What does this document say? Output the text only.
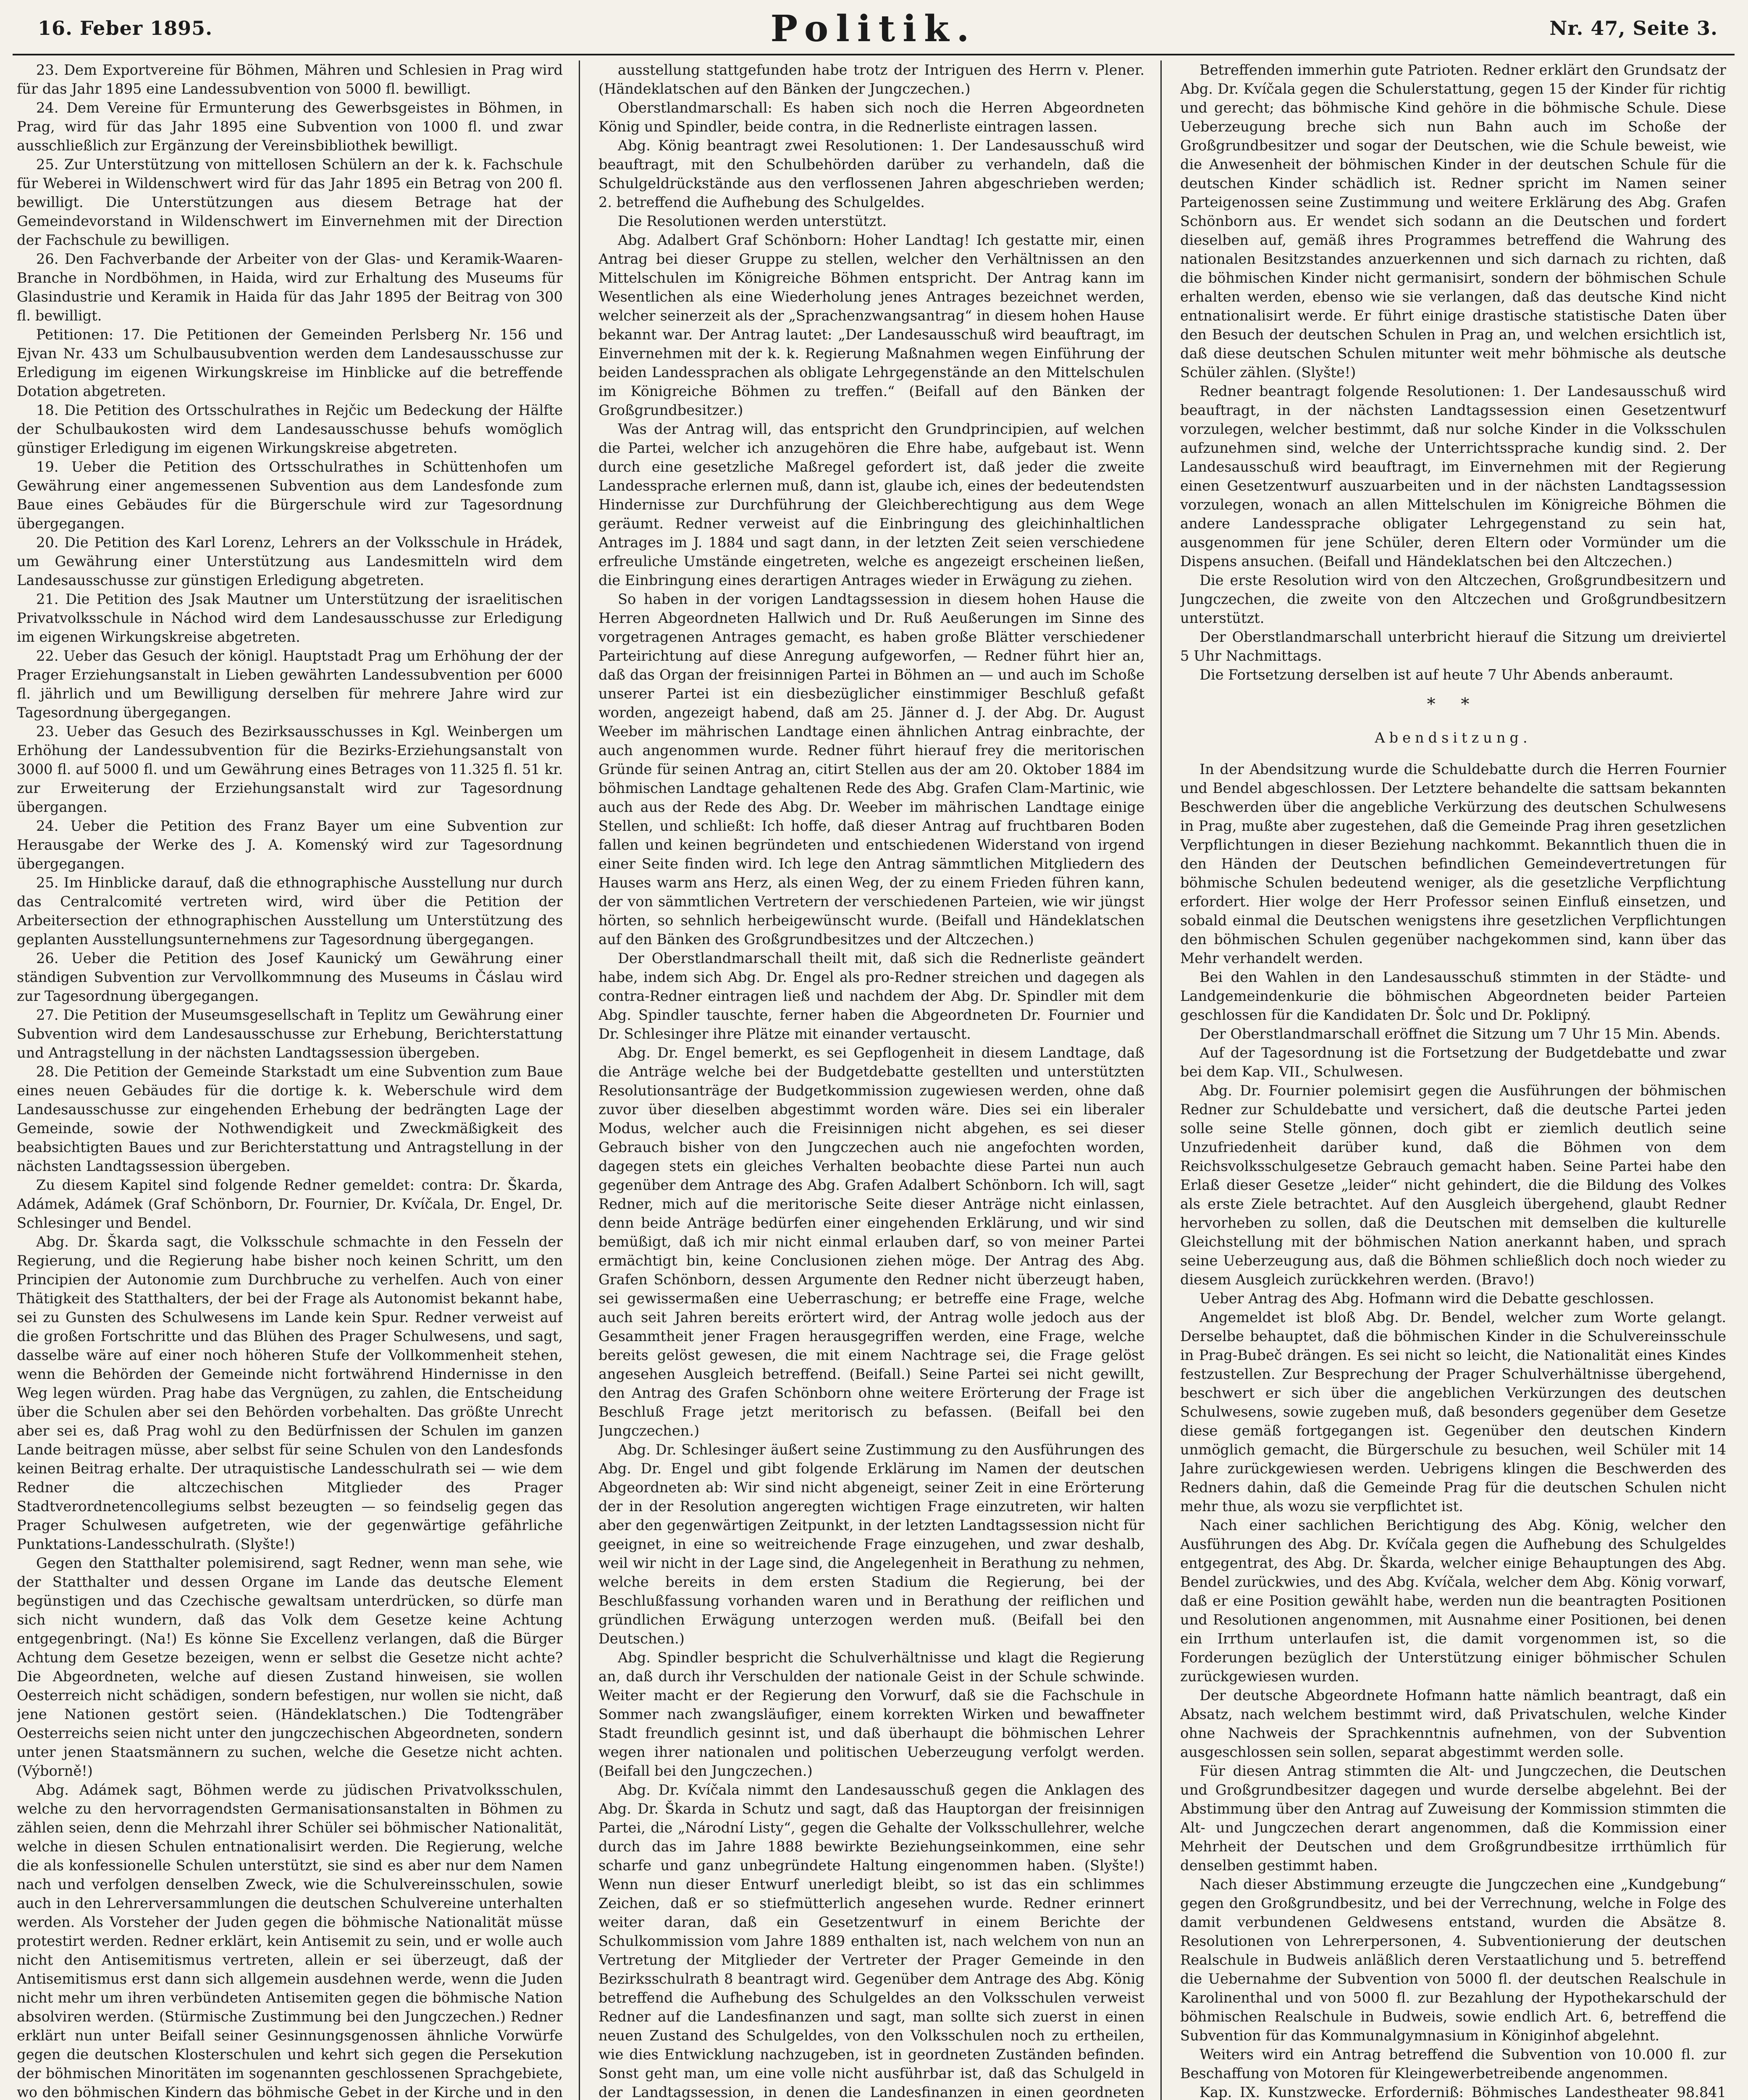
16. Feber 1895.	Politik.	Nr. 47, Seite 3.

23. Dem Exportvereine für Böhmen, Mähren und Schlesien in Prag wird für das Jahr 1895 eine Landessubvention von 5000 fl. bewilligt.

24. Dem Vereine für Ermunterung des Gewerbsgeistes in Böhmen, in Prag, wird für das Jahr 1895 eine Subvention von 1000 fl. und zwar ausschließlich zur Ergänzung der Vereinsbibliothek bewilligt.

25. Zur Unterstützung von mittellosen Schülern an der k. k. Fachschule für Weberei in Wildenschwert wird für das Jahr 1895 ein Betrag von 200 fl. bewilligt. Die Unterstützungen aus diesem Betrage hat der Gemeindevorstand in Wildenschwert im Einvernehmen mit der Direction der Fachschule zu bewilligen.

26. Den Fachverbande der Arbeiter von der Glas- und Keramik-Waaren-Branche in Nordböhmen, in Haida, wird zur Erhaltung des Museums für Glasindustrie und Keramik in Haida für das Jahr 1895 der Beitrag von 300 fl. bewilligt.

Petitionen: 17. Die Petitionen der Gemeinden Perlsberg Nr. 156 und Ejvan Nr. 433 um Schulbausubvention werden dem Landesausschusse zur Erledigung im eigenen Wirkungskreise im Hinblicke auf die betreffende Dotation abgetreten.

18. Die Petition des Ortsschulrathes in Rejčic um Bedeckung der Hälfte der Schulbaukosten wird dem Landesausschusse behufs womöglich günstiger Erledigung im eigenen Wirkungskreise abgetreten.

19. Ueber die Petition des Ortsschulrathes in Schüttenhofen um Gewährung einer angemessenen Subvention aus dem Landesfonde zum Baue eines Gebäudes für die Bürgerschule wird zur Tagesordnung übergegangen.

20. Die Petition des Karl Lorenz, Lehrers an der Volksschule in Hrádek, um Gewährung einer Unterstützung aus Landesmitteln wird dem Landesausschusse zur günstigen Erledigung abgetreten.

21. Die Petition des Jsak Mautner um Unterstützung der israelitischen Privatvolksschule in Náchod wird dem Landesausschusse zur Erledigung im eigenen Wirkungskreise abgetreten.

22. Ueber das Gesuch der königl. Hauptstadt Prag um Erhöhung der der Prager Erziehungsanstalt in Lieben gewährten Landessubvention per 6000 fl. jährlich und um Bewilligung derselben für mehrere Jahre wird zur Tagesordnung übergegangen.

23. Ueber das Gesuch des Bezirksausschusses in Kgl. Weinbergen um Erhöhung der Landessubvention für die Bezirks-Erziehungsanstalt von 3000 fl. auf 5000 fl. und um Gewährung eines Betrages von 11.325 fl. 51 kr. zur Erweiterung der Erziehungsanstalt wird zur Tagesordnung übergangen.

24. Ueber die Petition des Franz Bayer um eine Subvention zur Herausgabe der Werke des J. A. Komenský wird zur Tagesordnung übergegangen.

25. Im Hinblicke darauf, daß die ethnographische Ausstellung nur durch das Centralcomité vertreten wird, wird über die Petition der Arbeitersection der ethnographischen Ausstellung um Unterstützung des geplanten Ausstellungsunternehmens zur Tagesordnung übergegangen.

26. Ueber die Petition des Josef Kaunický um Gewährung einer ständigen Subvention zur Vervollkommnung des Museums in Čáslau wird zur Tagesordnung übergegangen.

27. Die Petition der Museumsgesellschaft in Teplitz um Gewährung einer Subvention wird dem Landesausschusse zur Erhebung, Berichterstattung und Antragstellung in der nächsten Landtagssession übergeben.

28. Die Petition der Gemeinde Starkstadt um eine Subvention zum Baue eines neuen Gebäudes für die dortige k. k. Weberschule wird dem Landesausschusse zur eingehenden Erhebung der bedrängten Lage der Gemeinde, sowie der Nothwendigkeit und Zweckmäßigkeit des beabsichtigten Baues und zur Berichterstattung und Antragstellung in der nächsten Landtagssession übergeben.

Zu diesem Kapitel sind folgende Redner gemeldet: contra: Dr. Škarda, Adámek, Adámek (Graf Schönborn, Dr. Fournier, Dr. Kvíčala, Dr. Engel, Dr. Schlesinger und Bendel.

Abg. Dr. Škarda sagt, die Volksschule schmachte in den Fesseln der Regierung, und die Regierung habe bisher noch keinen Schritt, um den Principien der Autonomie zum Durchbruche zu verhelfen. Auch von einer Thätigkeit des Statthalters, der bei der Frage als Autonomist bekannt habe, sei zu Gunsten des Schulwesens im Lande kein Spur. Redner verweist auf die großen Fortschritte und das Blühen des Prager Schulwesens, und sagt, dasselbe wäre auf einer noch höheren Stufe der Vollkommenheit stehen, wenn die Behörden der Gemeinde nicht fortwährend Hindernisse in den Weg legen würden. Prag habe das Vergnügen, zu zahlen, die Entscheidung über die Schulen aber sei den Behörden vorbehalten. Das größte Unrecht aber sei es, daß Prag wohl zu den Bedürfnissen der Schulen im ganzen Lande beitragen müsse, aber selbst für seine Schulen von den Landesfonds keinen Beitrag erhalte. Der utraquistische Landesschulrath sei — wie dem Redner die altczechischen Mitglieder des Prager Stadtverordnetencollegiums selbst bezeugten — so feindselig gegen das Prager Schulwesen aufgetreten, wie der gegenwärtige gefährliche Punktations-Landesschulrath. (Slyšte!)

Gegen den Statthalter polemisirend, sagt Redner, wenn man sehe, wie der Statthalter und dessen Organe im Lande das deutsche Element begünstigen und das Czechische gewaltsam unterdrücken, so dürfe man sich nicht wundern, daß das Volk dem Gesetze keine Achtung entgegenbringt. (Na!) Es könne Sie Excellenz verlangen, daß die Bürger Achtung dem Gesetze bezeigen, wenn er selbst die Gesetze nicht achte? Die Abgeordneten, welche auf diesen Zustand hinweisen, sie wollen Oesterreich nicht schädigen, sondern befestigen, nur wollen sie nicht, daß jene Nationen gestört seien. (Händeklatschen.) Die Todtengräber Oesterreichs seien nicht unter den jungczechischen Abgeordneten, sondern unter jenen Staatsmännern zu suchen, welche die Gesetze nicht achten. (Výborně!)

Abg. Adámek sagt, Böhmen werde zu jüdischen Privatvolksschulen, welche zu den hervorragendsten Germanisationsanstalten in Böhmen zu zählen seien, denn die Mehrzahl ihrer Schüler sei böhmischer Nationalität, welche in diesen Schulen entnationalisirt werden. Die Regierung, welche die als konfessionelle Schulen unterstützt, sie sind es aber nur dem Namen nach und verfolgen denselben Zweck, wie die Schulvereinsschulen, sowie auch in den Lehrerversammlungen die deutschen Schulvereine unterhalten werden. Als Vorsteher der Juden gegen die böhmische Nationalität müsse protestirt werden. Redner erklärt, kein Antisemit zu sein, und er wolle auch nicht den Antisemitismus vertreten, allein er sei überzeugt, daß der Antisemitismus erst dann sich allgemein ausdehnen werde, wenn die Juden nicht mehr um ihren verbündeten Antisemiten gegen die böhmische Nation absolviren werden. (Stürmische Zustimmung bei den Jungczechen.) Redner erklärt nun unter Beifall seiner Gesinnungsgenossen ähnliche Vorwürfe gegen die deutschen Klosterschulen und kehrt sich gegen die Persekution der böhmischen Minoritäten im sogenannten geschlossenen Sprachgebiete, wo den böhmischen Kindern das böhmische Gebet in der Kirche und in den

ausstellung stattgefunden habe trotz der Intriguen des Herrn v. Plener. (Händeklatschen auf den Bänken der Jungczechen.)

Oberstlandmarschall: Es haben sich noch die Herren Abgeordneten König und Spindler, beide contra, in die Rednerliste eintragen lassen.

Abg. König beantragt zwei Resolutionen: 1. Der Landesausschuß wird beauftragt, mit den Schulbehörden darüber zu verhandeln, daß die Schulgeldrückstände aus den verflossenen Jahren abgeschrieben werden; 2. betreffend die Aufhebung des Schulgeldes.

Die Resolutionen werden unterstützt.

Abg. Adalbert Graf Schönborn: Hoher Landtag! Ich gestatte mir, einen Antrag bei dieser Gruppe zu stellen, welcher den Verhältnissen an den Mittelschulen im Königreiche Böhmen entspricht. Der Antrag kann im Wesentlichen als eine Wiederholung jenes Antrages bezeichnet werden, welcher seinerzeit als der „Sprachenzwangsantrag“ in diesem hohen Hause bekannt war. Der Antrag lautet: „Der Landesausschuß wird beauftragt, im Einvernehmen mit der k. k. Regierung Maßnahmen wegen Einführung der beiden Landessprachen als obligate Lehrgegenstände an den Mittelschulen im Königreiche Böhmen zu treffen.“ (Beifall auf den Bänken der Großgrundbesitzer.)

Was der Antrag will, das entspricht den Grundprincipien, auf welchen die Partei, welcher ich anzugehören die Ehre habe, aufgebaut ist. Wenn durch eine gesetzliche Maßregel gefordert ist, daß jeder die zweite Landessprache erlernen muß, dann ist, glaube ich, eines der bedeutendsten Hindernisse zur Durchführung der Gleichberechtigung aus dem Wege geräumt. Redner verweist auf die Einbringung des gleichinhaltlichen Antrages im J. 1884 und sagt dann, in der letzten Zeit seien verschiedene erfreuliche Umstände eingetreten, welche es angezeigt erscheinen ließen, die Einbringung eines derartigen Antrages wieder in Erwägung zu ziehen.

So haben in der vorigen Landtagssession in diesem hohen Hause die Herren Abgeordneten Hallwich und Dr. Ruß Aeußerungen im Sinne des vorgetragenen Antrages gemacht, es haben große Blätter verschiedener Parteirichtung auf diese Anregung aufgeworfen, — Redner führt hier an, daß das Organ der freisinnigen Partei in Böhmen an — und auch im Schoße unserer Partei ist ein diesbezüglicher einstimmiger Beschluß gefaßt worden, angezeigt habend, daß am 25. Jänner d. J. der Abg. Dr. August Weeber im mährischen Landtage einen ähnlichen Antrag einbrachte, der auch angenommen wurde. Redner führt hierauf frey die meritorischen Gründe für seinen Antrag an, citirt Stellen aus der am 20. Oktober 1884 im böhmischen Landtage gehaltenen Rede des Abg. Grafen Clam-Martinic, wie auch aus der Rede des Abg. Dr. Weeber im mährischen Landtage einige Stellen, und schließt: Ich hoffe, daß dieser Antrag auf fruchtbaren Boden fallen und keinen begründeten und entschiedenen Widerstand von irgend einer Seite finden wird. Ich lege den Antrag sämmtlichen Mitgliedern des Hauses warm ans Herz, als einen Weg, der zu einem Frieden führen kann, der von sämmtlichen Vertretern der verschiedenen Parteien, wie wir jüngst hörten, so sehnlich herbeigewünscht wurde. (Beifall und Händeklatschen auf den Bänken des Großgrundbesitzes und der Altczechen.)

Der Oberstlandmarschall theilt mit, daß sich die Rednerliste geändert habe, indem sich Abg. Dr. Engel als pro-Redner streichen und dagegen als contra-Redner eintragen ließ und nachdem der Abg. Dr. Spindler mit dem Abg. Spindler tauschte, ferner haben die Abgeordneten Dr. Fournier und Dr. Schlesinger ihre Plätze mit einander vertauscht.

Abg. Dr. Engel bemerkt, es sei Gepflogenheit in diesem Landtage, daß die Anträge welche bei der Budgetdebatte gestellten und unterstützten Resolutionsanträge der Budgetkommission zugewiesen werden, ohne daß zuvor über dieselben abgestimmt worden wäre. Dies sei ein liberaler Modus, welcher auch die Freisinnigen nicht abgehen, es sei dieser Gebrauch bisher von den Jungczechen auch nie angefochten worden, dagegen stets ein gleiches Verhalten beobachte diese Partei nun auch gegenüber dem Antrage des Abg. Grafen Adalbert Schönborn. Ich will, sagt Redner, mich auf die meritorische Seite dieser Anträge nicht einlassen, denn beide Anträge bedürfen einer eingehenden Erklärung, und wir sind bemüßigt, daß ich mir nicht einmal erlauben darf, so von meiner Partei ermächtigt bin, keine Conclusionen ziehen möge. Der Antrag des Abg. Grafen Schönborn, dessen Argumente den Redner nicht überzeugt haben, sei gewissermaßen eine Ueberraschung; er betreffe eine Frage, welche auch seit Jahren bereits erörtert wird, der Antrag wolle jedoch aus der Gesammtheit jener Fragen herausgegriffen werden, eine Frage, welche bereits gelöst gewesen, die mit einem Nachtrage sei, die Frage gelöst angesehen Ausgleich betreffend. (Beifall.) Seine Partei sei nicht gewillt, den Antrag des Grafen Schönborn ohne weitere Erörterung der Frage ist Beschluß Frage jetzt meritorisch zu befassen. (Beifall bei den Jungczechen.)

Abg. Dr. Schlesinger äußert seine Zustimmung zu den Ausführungen des Abg. Dr. Engel und gibt folgende Erklärung im Namen der deutschen Abgeordneten ab: Wir sind nicht abgeneigt, seiner Zeit in eine Erörterung der in der Resolution angeregten wichtigen Frage einzutreten, wir halten aber den gegenwärtigen Zeitpunkt, in der letzten Landtagssession nicht für geeignet, in eine so weitreichende Frage einzugehen, und zwar deshalb, weil wir nicht in der Lage sind, die Angelegenheit in Berathung zu nehmen, welche bereits in dem ersten Stadium die Regierung, bei der Beschlußfassung vorhanden waren und in Berathung der reiflichen und gründlichen Erwägung unterzogen werden muß. (Beifall bei den Deutschen.)

Abg. Spindler bespricht die Schulverhältnisse und klagt die Regierung an, daß durch ihr Verschulden der nationale Geist in der Schule schwinde. Weiter macht er der Regierung den Vorwurf, daß sie die Fachschule in Sommer nach zwangsläufiger, einem korrekten Wirken und bewaffneter Stadt freundlich gesinnt ist, und daß überhaupt die böhmischen Lehrer wegen ihrer nationalen und politischen Ueberzeugung verfolgt werden. (Beifall bei den Jungczechen.)

Abg. Dr. Kvíčala nimmt den Landesausschuß gegen die Anklagen des Abg. Dr. Škarda in Schutz und sagt, daß das Hauptorgan der freisinnigen Partei, die „Národní Listy“, gegen die Gehalte der Volksschullehrer, welche durch das im Jahre 1888 bewirkte Beziehungseinkommen, eine sehr scharfe und ganz unbegründete Haltung eingenommen haben. (Slyšte!) Wenn nun dieser Entwurf unerledigt bleibt, so ist das ein schlimmes Zeichen, daß er so stiefmütterlich angesehen wurde. Redner erinnert weiter daran, daß ein Gesetzentwurf in einem Berichte der Schulkommission vom Jahre 1889 enthalten ist, nach welchem von nun an Vertretung der Mitglieder der Vertreter der Prager Gemeinde in den Bezirksschulrath 8 beantragt wird. Gegenüber dem Antrage des Abg. König betreffend die Aufhebung des Schulgeldes an den Volksschulen verweist Redner auf die Landesfinanzen und sagt, man sollte sich zuerst in einen neuen Zustand des Schulgeldes, von den Volksschulen noch zu ertheilen, wie dies Entwicklung nachzugeben, ist in geordneten Zuständen befinden. Sonst geht man, um eine volle nicht ausführbar ist, daß das Schulgeld in der Landtagssession, in denen die Landesfinanzen in einen geordneten

Betreffenden immerhin gute Patrioten. Redner erklärt den Grundsatz der Abg. Dr. Kvíčala gegen die Schulerstattung, gegen 15 der Kinder für richtig und gerecht; das böhmische Kind gehöre in die böhmische Schule. Diese Ueberzeugung breche sich nun Bahn auch im Schoße der Großgrundbesitzer und sogar der Deutschen, wie die Schule beweist, wie die Anwesenheit der böhmischen Kinder in der deutschen Schule für die deutschen Kinder schädlich ist. Redner spricht im Namen seiner Parteigenossen seine Zustimmung und weitere Erklärung des Abg. Grafen Schönborn aus. Er wendet sich sodann an die Deutschen und fordert dieselben auf, gemäß ihres Programmes betreffend die Wahrung des nationalen Besitzstandes anzuerkennen und sich darnach zu richten, daß die böhmischen Kinder nicht germanisirt, sondern der böhmischen Schule erhalten werden, ebenso wie sie verlangen, daß das deutsche Kind nicht entnationalisirt werde. Er führt einige drastische statistische Daten über den Besuch der deutschen Schulen in Prag an, und welchen ersichtlich ist, daß diese deutschen Schulen mitunter weit mehr böhmische als deutsche Schüler zählen. (Slyšte!)

Redner beantragt folgende Resolutionen: 1. Der Landesausschuß wird beauftragt, in der nächsten Landtagssession einen Gesetzentwurf vorzulegen, welcher bestimmt, daß nur solche Kinder in die Volksschulen aufzunehmen sind, welche der Unterrichtssprache kundig sind. 2. Der Landesausschuß wird beauftragt, im Einvernehmen mit der Regierung einen Gesetzentwurf auszuarbeiten und in der nächsten Landtagssession vorzulegen, wonach an allen Mittelschulen im Königreiche Böhmen die andere Landessprache obligater Lehrgegenstand zu sein hat, ausgenommen für jene Schüler, deren Eltern oder Vormünder um die Dispens ansuchen. (Beifall und Händeklatschen bei den Altczechen.)

Die erste Resolution wird von den Altczechen, Großgrundbesitzern und Jungczechen, die zweite von den Altczechen und Großgrundbesitzern unterstützt.

Der Oberstlandmarschall unterbricht hierauf die Sitzung um dreiviertel 5 Uhr Nachmittags.

Die Fortsetzung derselben ist auf heute 7 Uhr Abends anberaumt.

* *

Abendsitzung.

In der Abendsitzung wurde die Schuldebatte durch die Herren Fournier und Bendel abgeschlossen. Der Letztere behandelte die sattsam bekannten Beschwerden über die angebliche Verkürzung des deutschen Schulwesens in Prag, mußte aber zugestehen, daß die Gemeinde Prag ihren gesetzlichen Verpflichtungen in dieser Beziehung nachkommt. Bekanntlich thuen die in den Händen der Deutschen befindlichen Gemeindevertretungen für böhmische Schulen bedeutend weniger, als die gesetzliche Verpflichtung erfordert. Hier wolge der Herr Professor seinen Einfluß einsetzen, und sobald einmal die Deutschen wenigstens ihre gesetzlichen Verpflichtungen den böhmischen Schulen gegenüber nachgekommen sind, kann über das Mehr verhandelt werden.

Bei den Wahlen in den Landesausschuß stimmten in der Städte- und Landgemeindenkurie die böhmischen Abgeordneten beider Parteien geschlossen für die Kandidaten Dr. Šolc und Dr. Poklipný.

Der Oberstlandmarschall eröffnet die Sitzung um 7 Uhr 15 Min. Abends.

Auf der Tagesordnung ist die Fortsetzung der Budgetdebatte und zwar bei dem Kap. VII., Schulwesen.

Abg. Dr. Fournier polemisirt gegen die Ausführungen der böhmischen Redner zur Schuldebatte und versichert, daß die deutsche Partei jeden solle seine Stelle gönnen, doch gibt er ziemlich deutlich seine Unzufriedenheit darüber kund, daß die Böhmen von dem Reichsvolksschulgesetze Gebrauch gemacht haben. Seine Partei habe den Erlaß dieser Gesetze „leider“ nicht gehindert, die die Bildung des Volkes als erste Ziele betrachtet. Auf den Ausgleich übergehend, glaubt Redner hervorheben zu sollen, daß die Deutschen mit demselben die kulturelle Gleichstellung mit der böhmischen Nation anerkannt haben, und sprach seine Ueberzeugung aus, daß die Böhmen schließlich doch noch wieder zu diesem Ausgleich zurückkehren werden. (Bravo!)

Ueber Antrag des Abg. Hofmann wird die Debatte geschlossen.

Angemeldet ist bloß Abg. Dr. Bendel, welcher zum Worte gelangt. Derselbe behauptet, daß die böhmischen Kinder in die Schulvereinsschule in Prag-Bubeč drängen. Es sei nicht so leicht, die Nationalität eines Kindes festzustellen. Zur Besprechung der Prager Schulverhältnisse übergehend, beschwert er sich über die angeblichen Verkürzungen des deutschen Schulwesens, sowie zugeben muß, daß besonders gegenüber dem Gesetze diese gemäß fortgegangen ist. Gegenüber den deutschen Kindern unmöglich gemacht, die Bürgerschule zu besuchen, weil Schüler mit 14 Jahre zurückgewiesen werden. Uebrigens klingen die Beschwerden des Redners dahin, daß die Gemeinde Prag für die deutschen Schulen nicht mehr thue, als wozu sie verpflichtet ist.

Nach einer sachlichen Berichtigung des Abg. König, welcher den Ausführungen des Abg. Dr. Kvíčala gegen die Aufhebung des Schulgeldes entgegentrat, des Abg. Dr. Škarda, welcher einige Behauptungen des Abg. Bendel zurückwies, und des Abg. Kvíčala, welcher dem Abg. König vorwarf, daß er eine Position gewählt habe, werden nun die beantragten Positionen und Resolutionen angenommen, mit Ausnahme einer Positionen, bei denen ein Irrthum unterlaufen ist, die damit vorgenommen ist, so die Forderungen bezüglich der Unterstützung einiger böhmischer Schulen zurückgewiesen wurden.

Der deutsche Abgeordnete Hofmann hatte nämlich beantragt, daß ein Absatz, nach welchem bestimmt wird, daß Privatschulen, welche Kinder ohne Nachweis der Sprachkenntnis aufnehmen, von der Subvention ausgeschlossen sein sollen, separat abgestimmt werden solle.

Für diesen Antrag stimmten die Alt- und Jungczechen, die Deutschen und Großgrundbesitzer dagegen und wurde derselbe abgelehnt. Bei der Abstimmung über den Antrag auf Zuweisung der Kommission stimmten die Alt- und Jungczechen derart angenommen, daß die Kommission einer Mehrheit der Deutschen und dem Großgrundbesitze irrthümlich für denselben gestimmt haben.

Nach dieser Abstimmung erzeugte die Jungczechen eine „Kundgebung“ gegen den Großgrundbesitz, und bei der Verrechnung, welche in Folge des damit verbundenen Geldwesens entstand, wurden die Absätze 8. Resolutionen von Lehrerpersonen, 4. Subventionierung der deutschen Realschule in Budweis anläßlich deren Verstaatlichung und 5. betreffend die Uebernahme der Subvention von 5000 fl. der deutschen Realschule in Karolinenthal und von 5000 fl. zur Bezahlung der Hypothekarschuld der böhmischen Realschule in Budweis, sowie endlich Art. 6, betreffend die Subvention für das Kommunalgymnasium in Königinhof abgelehnt.

Weiters wird ein Antrag betreffend die Subvention von 10.000 fl. zur Beschaffung von Motoren für Kleingewerbetreibende angenommen.

Kap. IX. Kunstzwecke. Erforderniß: Böhmisches Landestheater 98.841
